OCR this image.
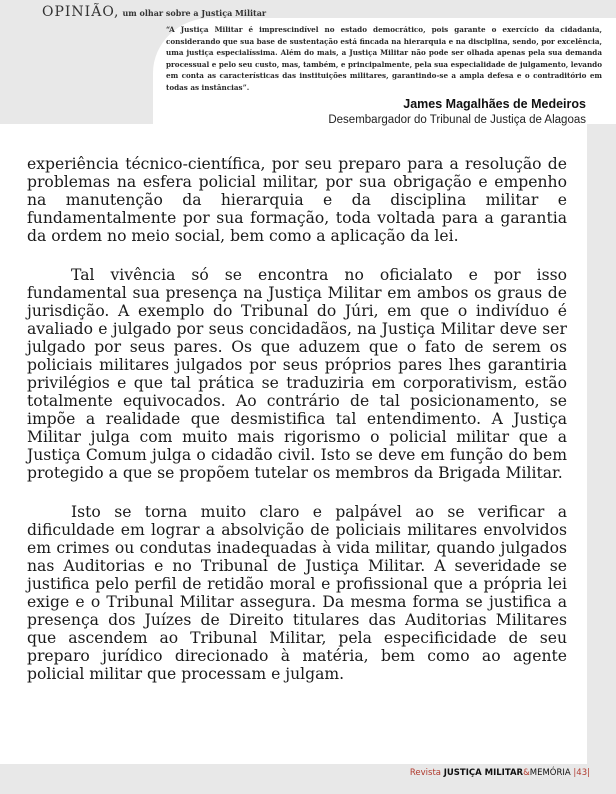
OPINIÃO, um olhar sobre a Justiça Militar

“A Justiça Militar é imprescindível no estado democrático, pois garante o exercício da cidadania, considerando que sua base de sustentação está fincada na hierarquia e na disciplina, sendo, por excelência, uma justiça especialíssima. Além do mais, a Justiça Militar não pode ser olhada apenas pela sua demanda processual e pelo seu custo, mas, também, e principalmente, pela sua especialidade de julgamento, levando em conta as características das instituições militares, garantindo-se a ampla defesa e o contraditório em todas as instâncias”.

James Magalhães de Medeiros
Desembargador do Tribunal de Justiça de Alagoas

experiência técnico-científica, por seu preparo para a resolução de problemas na esfera policial militar, por sua obrigação e empenho na manutenção da hierarquia e da disciplina militar e fundamentalmente por sua formação, toda voltada para a garantia da ordem no meio social, bem como a aplicação da lei.

Tal vivência só se encontra no oficialato e por isso fundamental sua presença na Justiça Militar em ambos os graus de jurisdição. A exemplo do Tribunal do Júri, em que o indivíduo é avaliado e julgado por seus concidadãos, na Justiça Militar deve ser julgado por seus pares. Os que aduzem que o fato de serem os policiais militares julgados por seus próprios pares lhes garantiria privilégios e que tal prática se traduziria em corporativism, estão totalmente equivocados. Ao contrário de tal posicionamento, se impõe a realidade que desmistifica tal entendimento. A Justiça Militar julga com muito mais rigorismo o policial militar que a Justiça Comum julga o cidadão civil. Isto se deve em função do bem protegido a que se propõem tutelar os membros da Brigada Militar.

Isto se torna muito claro e palpável ao se verificar a dificuldade em lograr a absolvição de policiais militares envolvidos em crimes ou condutas inadequadas à vida militar, quando julgados nas Auditorias e no Tribunal de Justiça Militar. A severidade se justifica pelo perfil de retidão moral e profissional que a própria lei exige e o Tribunal Militar assegura. Da mesma forma se justifica a presença dos Juízes de Direito titulares das Auditorias Militares que ascendem ao Tribunal Militar, pela especificidade de seu preparo jurídico direcionado à matéria, bem como ao agente policial militar que processam e julgam.

Revista JUSTIÇA MILITAR&MEMÓRIA |43|
